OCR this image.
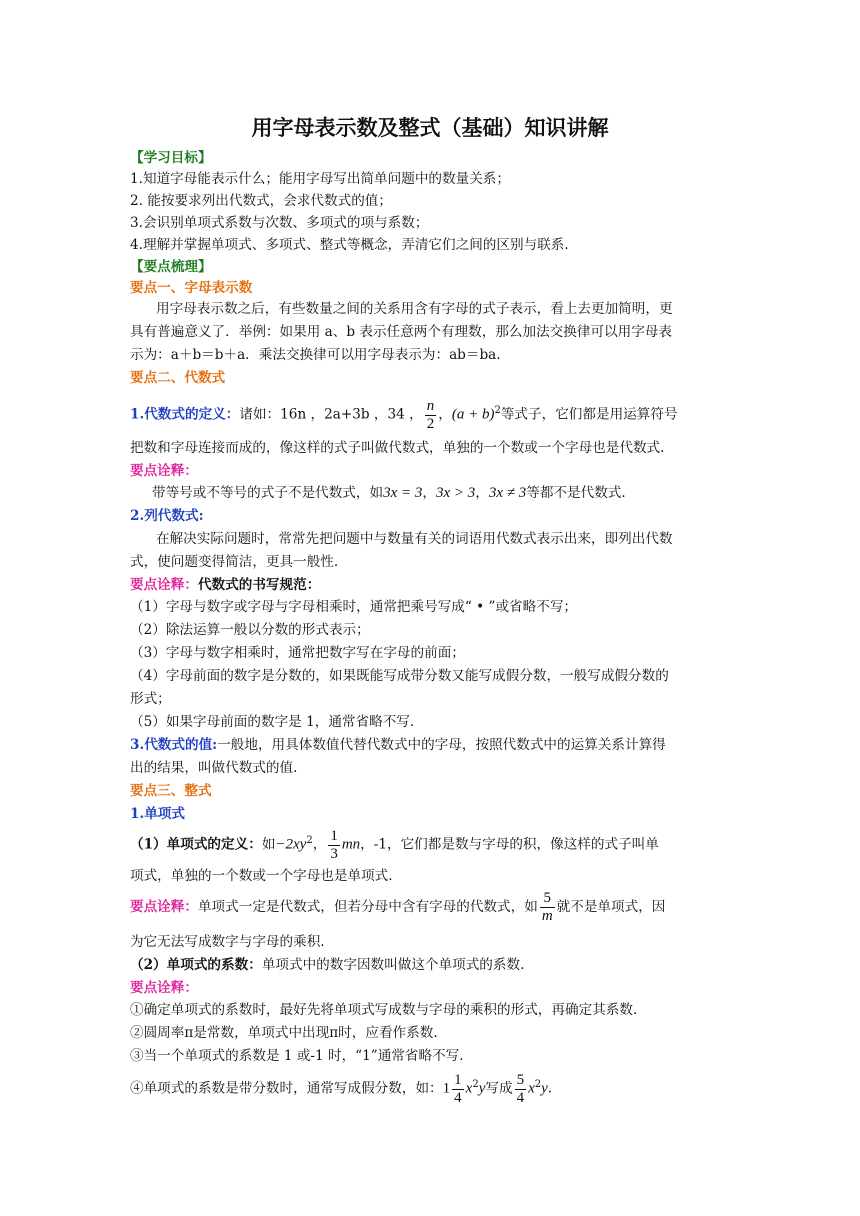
用字母表示数及整式（基础）知识讲解
【学习目标】
1.知道字母能表示什么；能用字母写出简单问题中的数量关系；
2. 能按要求列出代数式，会求代数式的值；
3.会识别单项式系数与次数、多项式的项与系数；
4.理解并掌握单项式、多项式、整式等概念，弄清它们之间的区别与联系.
【要点梳理】
要点一、字母表示数
用字母表示数之后，有些数量之间的关系用含有字母的式子表示，看上去更加简明，更
具有普遍意义了．举例：如果用 a、b 表示任意两个有理数，那么加法交换律可以用字母表
示为：a＋b＝b＋a．乘法交换律可以用字母表示为：ab＝ba.
要点二、代数式
1.代数式的定义：诸如：16n ，2a+3b ，34 ， $\frac{n}{2}$ ，$(a + b)^2$等式子，它们都是用运算符号
把数和字母连接而成的，像这样的式子叫做代数式，单独的一个数或一个字母也是代数式.
要点诠释：
带等号或不等号的式子不是代数式，如3x = 3，3x > 3，3x ≠ 3等都不是代数式.
2.列代数式:
在解决实际问题时，常常先把问题中与数量有关的词语用代数式表示出来，即列出代数
式，使问题变得简洁，更具一般性.
要点诠释：代数式的书写规范：
（1）字母与数字或字母与字母相乘时，通常把乘号写成“ • ”或省略不写；
（2）除法运算一般以分数的形式表示；
（3）字母与数字相乘时，通常把数字写在字母的前面；
（4）字母前面的数字是分数的，如果既能写成带分数又能写成假分数，一般写成假分数的
形式；
（5）如果字母前面的数字是 1，通常省略不写.
3.代数式的值:一般地，用具体数值代替代数式中的字母，按照代数式中的运算关系计算得
出的结果，叫做代数式的值.
要点三、整式
1.单项式
（1）单项式的定义：如$-2xy^2$， $\frac{1}{3}$ mn，-1，它们都是数与字母的积，像这样的式子叫单
项式，单独的一个数或一个字母也是单项式.
要点诠释：单项式一定是代数式，但若分母中含有字母的代数式，如 $\frac{5}{m}$ 就不是单项式，因
为它无法写成数字与字母的乘积.
（2）单项式的系数：单项式中的数字因数叫做这个单项式的系数.
要点诠释：
①确定单项式的系数时，最好先将单项式写成数与字母的乘积的形式，再确定其系数.
②圆周率π是常数，单项式中出现π时，应看作系数.
③当一个单项式的系数是 1 或-1 时，“1”通常省略不写.
④单项式的系数是带分数时，通常写成假分数，如：$1 \frac{1}{4} x^2y$写成 $\frac{5}{4} x^2y$.
